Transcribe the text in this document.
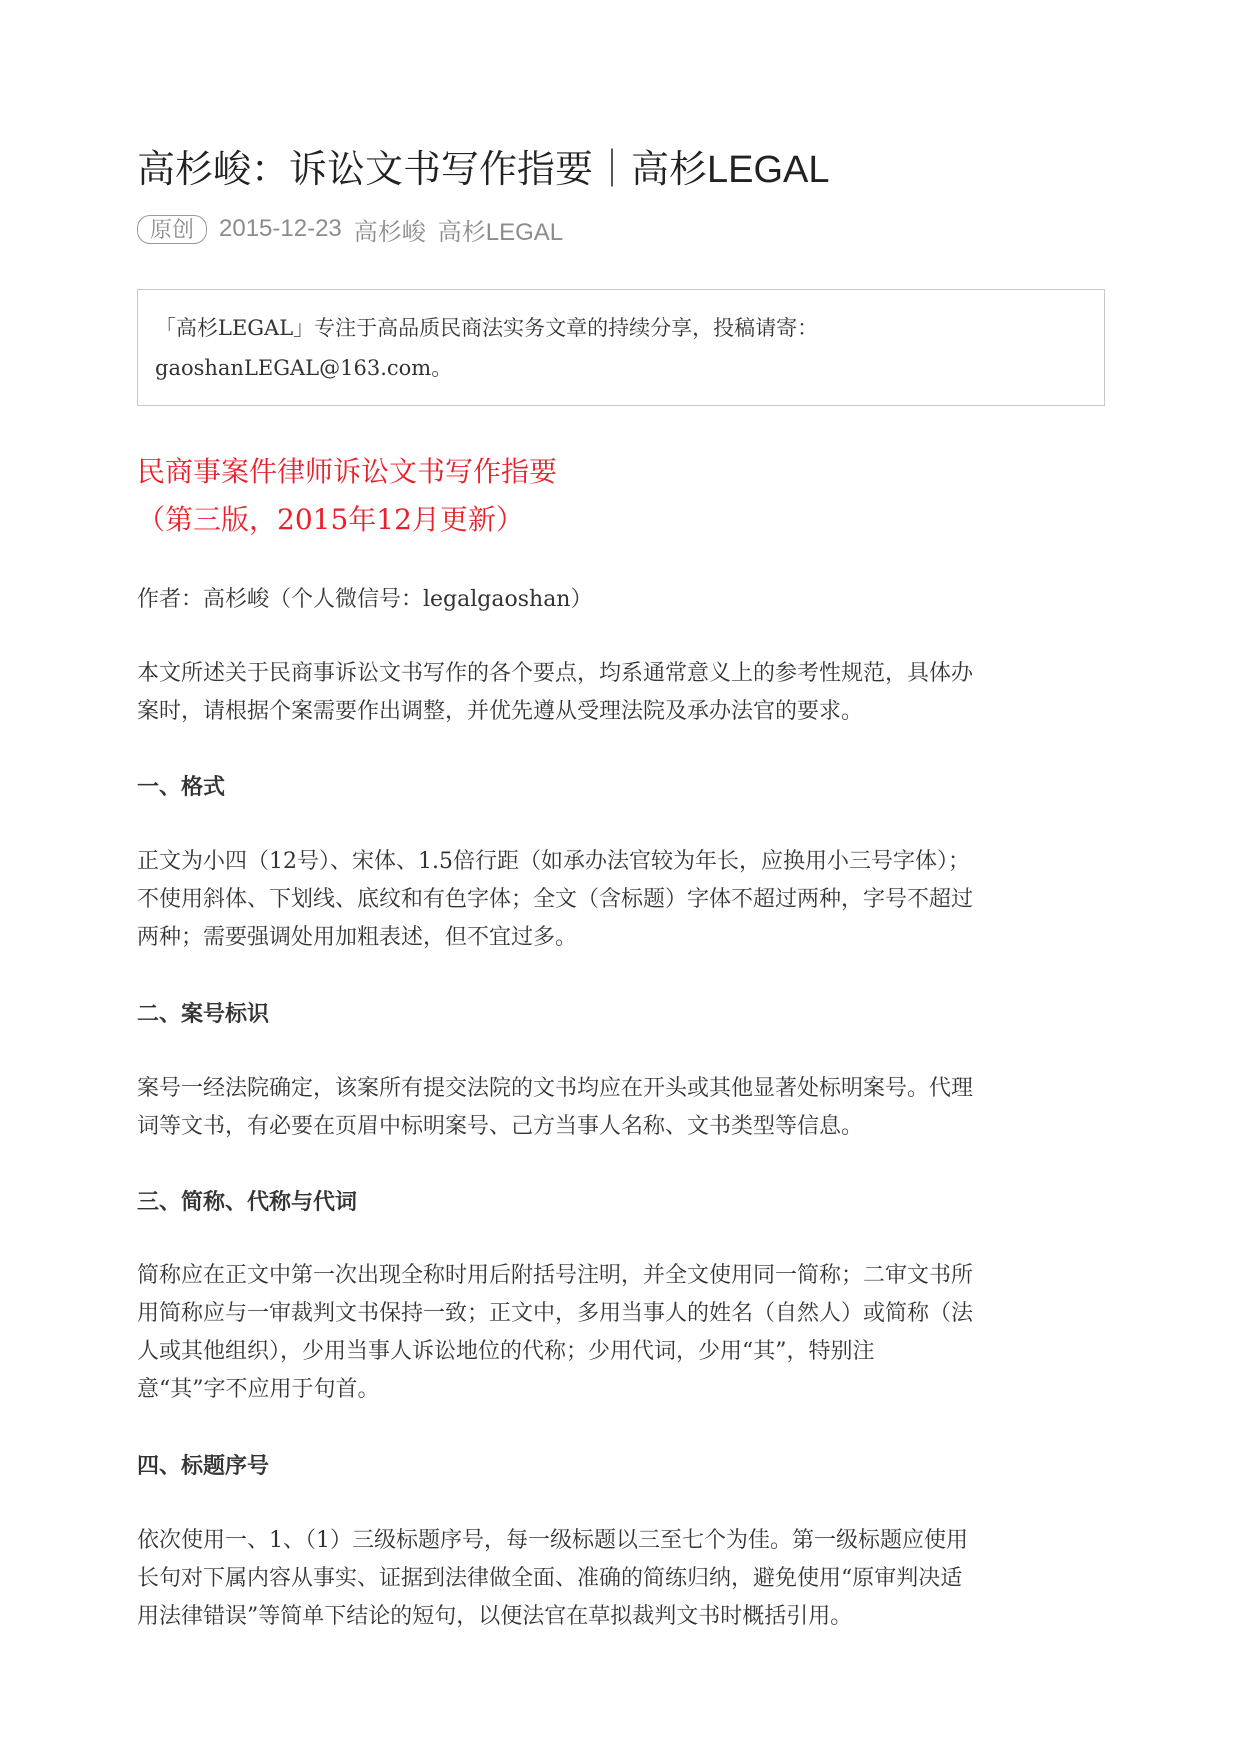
高杉峻：诉讼文书写作指要｜高杉LEGAL
原创	2015-12-23 高杉峻 高杉LEGAL
「高杉LEGAL」专注于高品质民商法实务文章的持续分享，投稿请寄：
gaoshanLEGAL@163.com。
民商事案件律师诉讼文书写作指要
（第三版，2015年12月更新）
作者：高杉峻（个人微信号：legalgaoshan）
本文所述关于民商事诉讼文书写作的各个要点，均系通常意义上的参考性规范，具体办
案时，请根据个案需要作出调整，并优先遵从受理法院及承办法官的要求。
一、格式
正文为小四（12号）、宋体、1.5倍行距（如承办法官较为年长，应换用小三号字体）；
不使用斜体、下划线、底纹和有色字体；全文（含标题）字体不超过两种，字号不超过
两种；需要强调处用加粗表述，但不宜过多。
二、案号标识
案号一经法院确定，该案所有提交法院的文书均应在开头或其他显著处标明案号。代理
词等文书，有必要在页眉中标明案号、己方当事人名称、文书类型等信息。
三、简称、代称与代词
简称应在正文中第一次出现全称时用后附括号注明，并全文使用同一简称；二审文书所
用简称应与一审裁判文书保持一致；正文中，多用当事人的姓名（自然人）或简称（法
人或其他组织），少用当事人诉讼地位的代称；少用代词，少用“其”，特别注
意“其”字不应用于句首。
四、标题序号
依次使用一、1、（1）三级标题序号，每一级标题以三至七个为佳。第一级标题应使用
长句对下属内容从事实、证据到法律做全面、准确的简练归纳，避免使用“原审判决适
用法律错误”等简单下结论的短句，以便法官在草拟裁判文书时概括引用。
